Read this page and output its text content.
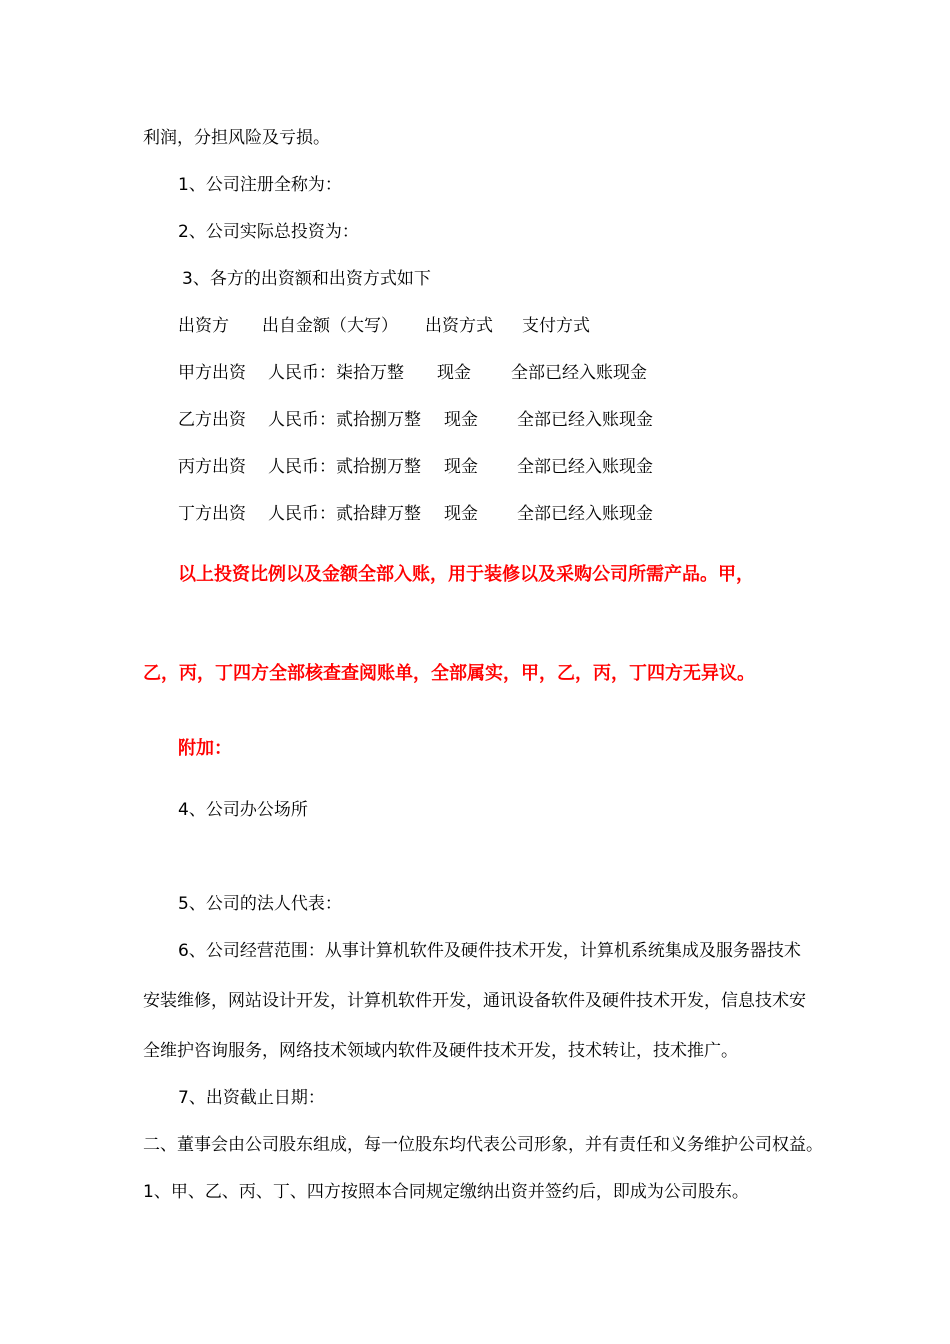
利润，分担风险及亏损。
1、公司注册全称为：
2、公司实际总投资为：
3、各方的出资额和出资方式如下
出资方 出自金额（大写） 出资方式 支付方式
甲方出资 人民币：柒拾万整 现金 全部已经入账现金
乙方出资 人民币：贰拾捌万整 现金 全部已经入账现金
丙方出资 人民币：贰拾捌万整 现金 全部已经入账现金
丁方出资 人民币：贰拾肆万整 现金 全部已经入账现金
以上投资比例以及金额全部入账，用于装修以及采购公司所需产品。甲，
乙，丙，丁四方全部核查查阅账单，全部属实，甲，乙，丙，丁四方无异议。
附加：
4、公司办公场所
5、公司的法人代表：
6、公司经营范围：从事计算机软件及硬件技术开发，计算机系统集成及服务器技术
安装维修，网站设计开发，计算机软件开发，通讯设备软件及硬件技术开发，信息技术安
全维护咨询服务，网络技术领域内软件及硬件技术开发，技术转让，技术推广。
7、出资截止日期：
二、董事会由公司股东组成，每一位股东均代表公司形象，并有责任和义务维护公司权益。
1、甲、乙、丙、丁、四方按照本合同规定缴纳出资并签约后，即成为公司股东。
